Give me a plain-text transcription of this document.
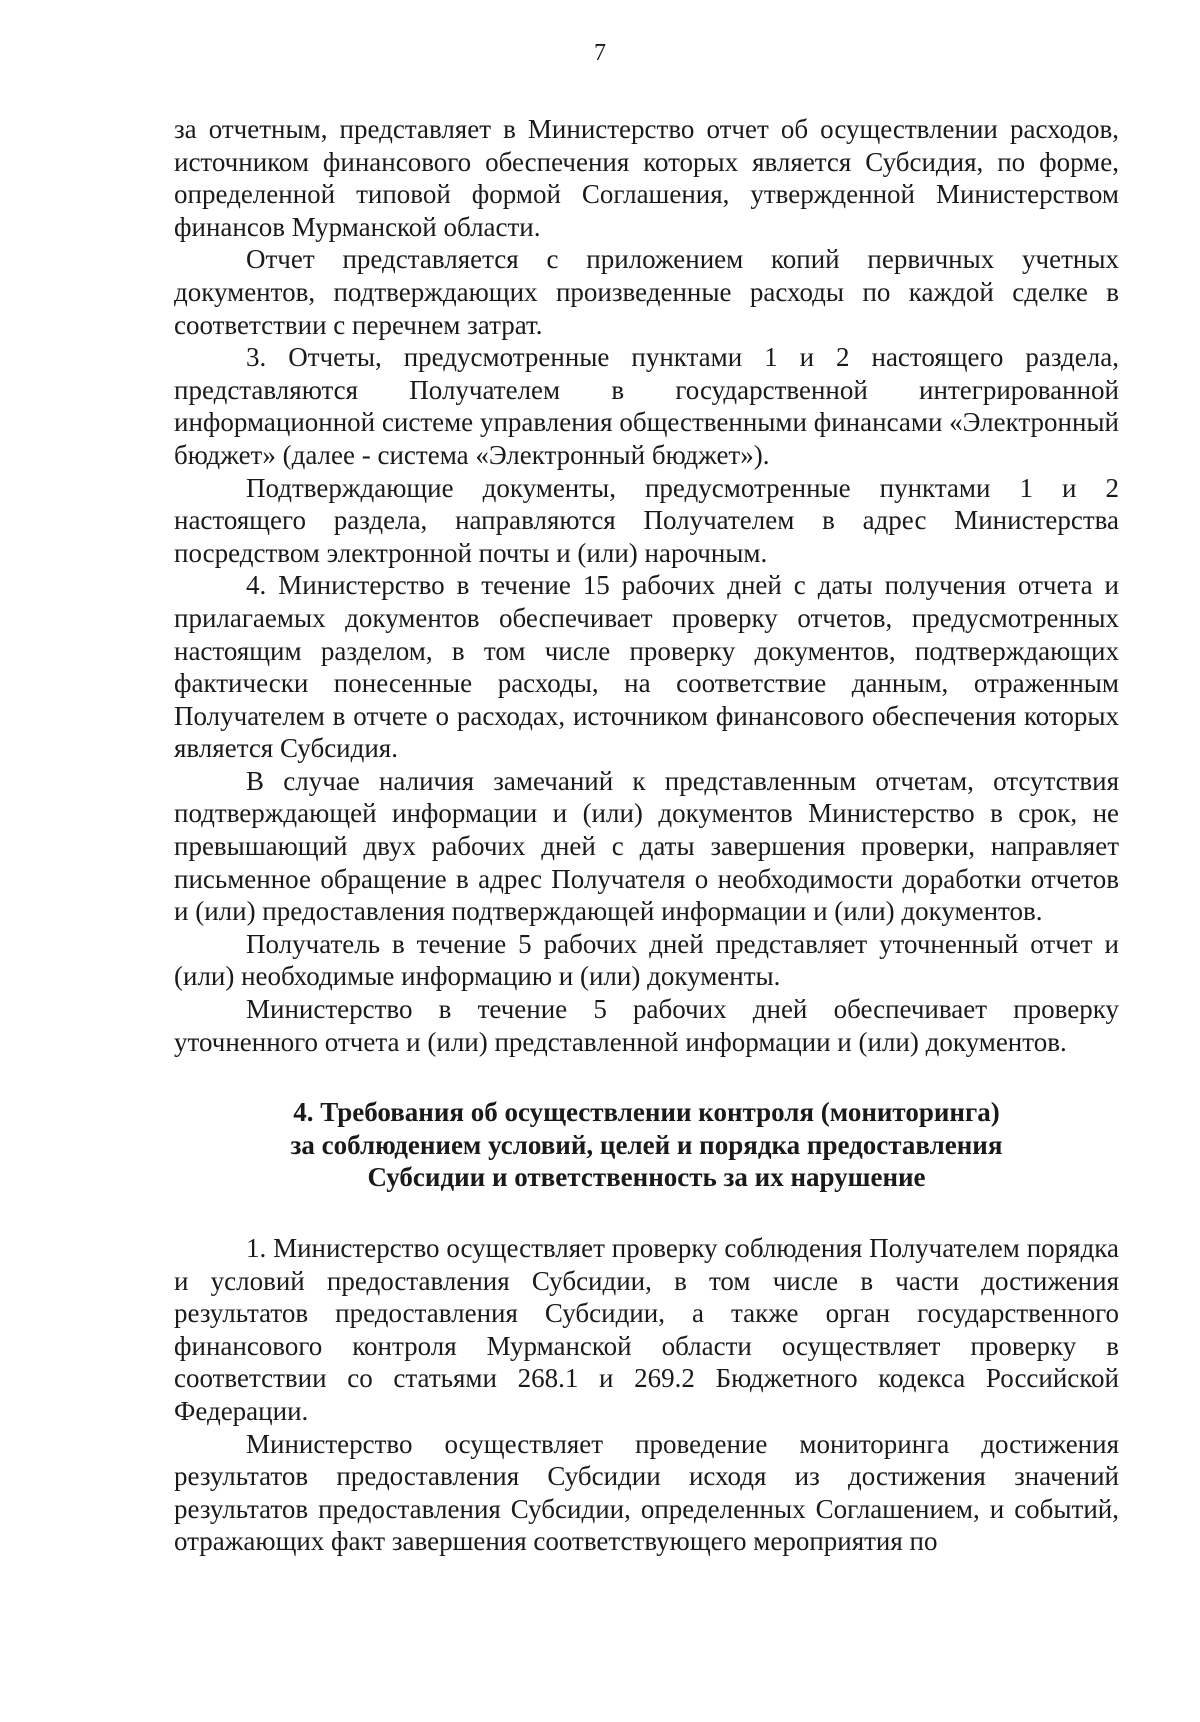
7

за отчетным, представляет в Министерство отчет об осуществлении расходов, источником финансового обеспечения которых является Субсидия, по форме, определенной типовой формой Соглашения, утвержденной Министерством финансов Мурманской области.

Отчет представляется с приложением копий первичных учетных документов, подтверждающих произведенные расходы по каждой сделке в соответствии с перечнем затрат.

3. Отчеты, предусмотренные пунктами 1 и 2 настоящего раздела, представляются Получателем в государственной интегрированной информационной системе управления общественными финансами «Электронный бюджет» (далее - система «Электронный бюджет»).

Подтверждающие документы, предусмотренные пунктами 1 и 2 настоящего раздела, направляются Получателем в адрес Министерства посредством электронной почты и (или) нарочным.

4. Министерство в течение 15 рабочих дней с даты получения отчета и прилагаемых документов обеспечивает проверку отчетов, предусмотренных настоящим разделом, в том числе проверку документов, подтверждающих фактически понесенные расходы, на соответствие данным, отраженным Получателем в отчете о расходах, источником финансового обеспечения которых является Субсидия.

В случае наличия замечаний к представленным отчетам, отсутствия подтверждающей информации и (или) документов Министерство в срок, не превышающий двух рабочих дней с даты завершения проверки, направляет письменное обращение в адрес Получателя о необходимости доработки отчетов и (или) предоставления подтверждающей информации и (или) документов.

Получатель в течение 5 рабочих дней представляет уточненный отчет и (или) необходимые информацию и (или) документы.

Министерство в течение 5 рабочих дней обеспечивает проверку уточненного отчета и (или) представленной информации и (или) документов.

4. Требования об осуществлении контроля (мониторинга)
за соблюдением условий, целей и порядка предоставления
Субсидии и ответственность за их нарушение

1. Министерство осуществляет проверку соблюдения Получателем порядка и условий предоставления Субсидии, в том числе в части достижения результатов предоставления Субсидии, а также орган государственного финансового контроля Мурманской области осуществляет проверку в соответствии со статьями 268.1 и 269.2 Бюджетного кодекса Российской Федерации.

Министерство осуществляет проведение мониторинга достижения результатов предоставления Субсидии исходя из достижения значений результатов предоставления Субсидии, определенных Соглашением, и событий, отражающих факт завершения соответствующего мероприятия по
